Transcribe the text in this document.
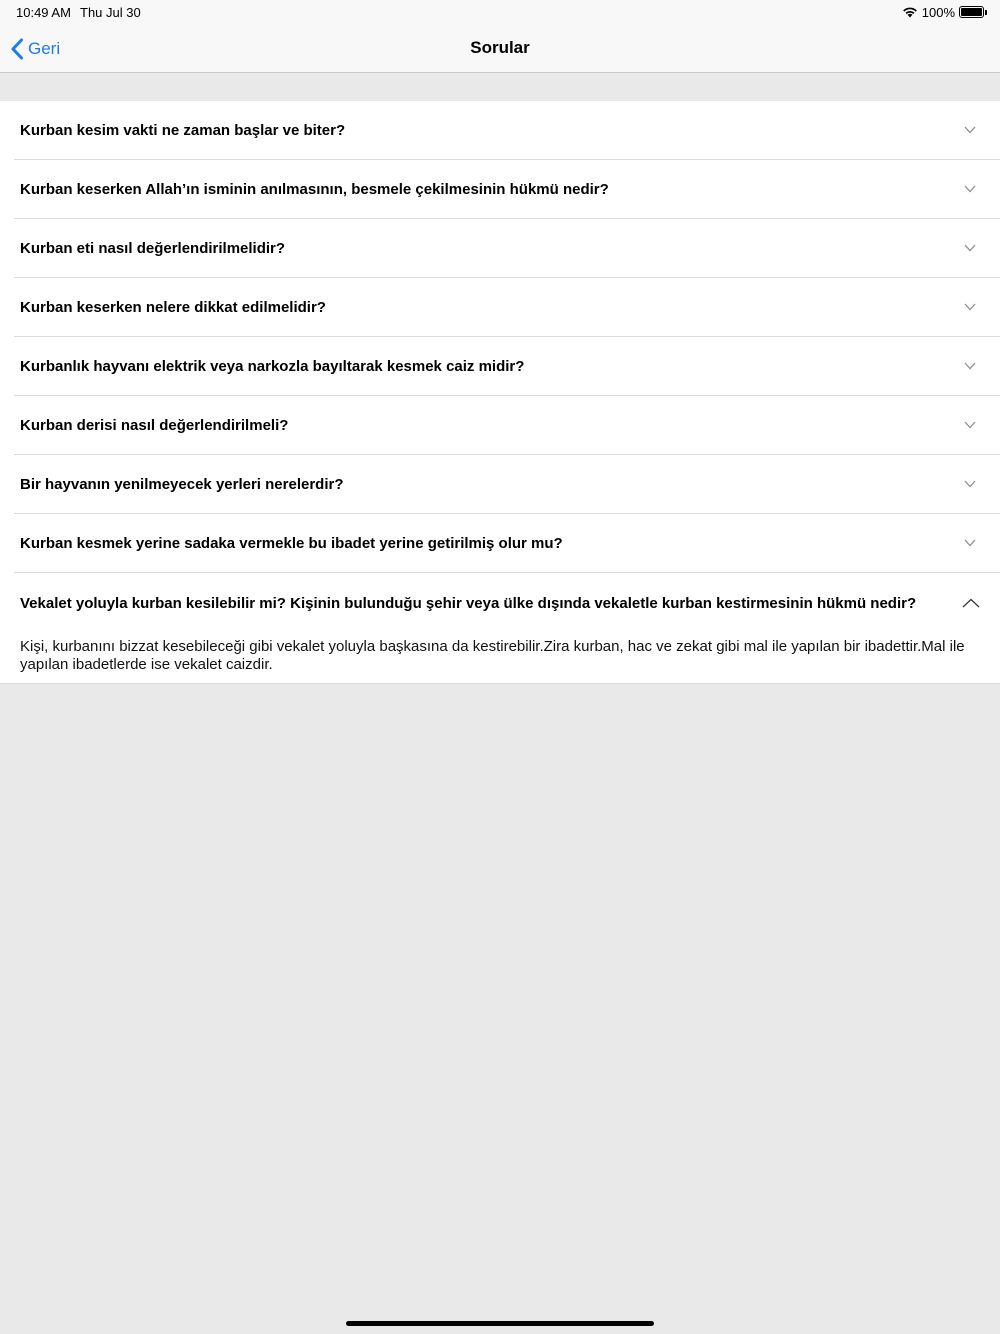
10:49 AM Thu Jul 30	100%
Geri	Sorular
Kurban kesim vakti ne zaman başlar ve biter?
Kurban keserken Allah’ın isminin anılmasının, besmele çekilmesinin hükmü nedir?
Kurban eti nasıl değerlendirilmelidir?
Kurban keserken nelere dikkat edilmelidir?
Kurbanlık hayvanı elektrik veya narkozla bayıltarak kesmek caiz midir?
Kurban derisi nasıl değerlendirilmeli?
Bir hayvanın yenilmeyecek yerleri nerelerdir?
Kurban kesmek yerine sadaka vermekle bu ibadet yerine getirilmiş olur mu?
Vekalet yoluyla kurban kesilebilir mi? Kişinin bulunduğu şehir veya ülke dışında vekaletle kurban kestirmesinin hükmü nedir?
Kişi, kurbanını bizzat kesebileceği gibi vekalet yoluyla başkasına da kestirebilir.Zira kurban, hac ve zekat gibi mal ile yapılan bir ibadettir.Mal ile yapılan ibadetlerde ise vekalet caizdir.
